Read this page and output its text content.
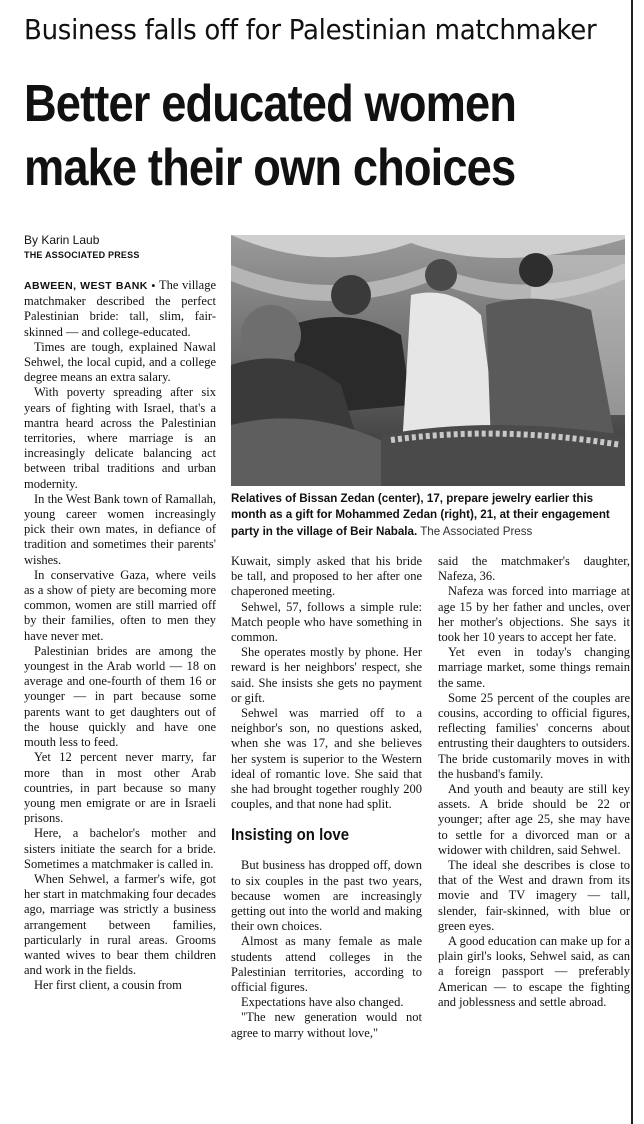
Business falls off for Palestinian matchmaker
Better educated women
make their own choices
By Karin Laub
THE ASSOCIATED PRESS

ABWEEN, WEST BANK • The village matchmaker described the perfect Palestinian bride: tall, slim, fair-skinned — and college-educated.

Times are tough, explained Nawal Sehwel, the local cupid, and a college degree means an extra salary.

With poverty spreading after six years of fighting with Israel, that's a mantra heard across the Palestinian territories, where marriage is an increasingly delicate balancing act between tribal traditions and urban modernity.

In the West Bank town of Ramallah, young career women increasingly pick their own mates, in defiance of tradition and sometimes their parents' wishes.

In conservative Gaza, where veils as a show of piety are becoming more common, women are still married off by their families, often to men they have never met.

Palestinian brides are among the youngest in the Arab world — 18 on average and one-fourth of them 16 or younger — in part because some parents want to get daughters out of the house quickly and have one mouth less to feed.

Yet 12 percent never marry, far more than in most other Arab countries, in part because so many young men emigrate or are in Israeli prisons.

Here, a bachelor's mother and sisters initiate the search for a bride. Sometimes a matchmaker is called in.

When Sehwel, a farmer's wife, got her start in matchmaking four decades ago, marriage was strictly a business arrangement between families, particularly in rural areas. Grooms wanted wives to bear them children and work in the fields.

Her first client, a cousin from

Relatives of Bissan Zedan (center), 17, prepare jewelry earlier this month as a gift for Mohammed Zedan (right), 21, at their engagement party in the village of Beir Nabala. The Associated Press

Kuwait, simply asked that his bride be tall, and proposed to her after one chaperoned meeting.

Sehwel, 57, follows a simple rule: Match people who have something in common.

She operates mostly by phone. Her reward is her neighbors' respect, she said. She insists she gets no payment or gift.

Sehwel was married off to a neighbor's son, no questions asked, when she was 17, and she believes her system is superior to the Western ideal of romantic love. She said that she had brought together roughly 200 couples, and that none had split.

Insisting on love

But business has dropped off, down to six couples in the past two years, because women are increasingly getting out into the world and making their own choices.

Almost as many female as male students attend colleges in the Palestinian territories, according to official figures.

Expectations have also changed.

"The new generation would not agree to marry without love,"

said the matchmaker's daughter, Nafeza, 36.

Nafeza was forced into marriage at age 15 by her father and uncles, over her mother's objections. She says it took her 10 years to accept her fate.

Yet even in today's changing marriage market, some things remain the same.

Some 25 percent of the couples are cousins, according to official figures, reflecting families' concerns about entrusting their daughters to outsiders. The bride customarily moves in with the husband's family.

And youth and beauty are still key assets. A bride should be 22 or younger; after age 25, she may have to settle for a divorced man or a widower with children, said Sehwel.

The ideal she describes is close to that of the West and drawn from its movie and TV imagery — tall, slender, fair-skinned, with blue or green eyes.

A good education can make up for a plain girl's looks, Sehwel said, as can a foreign passport — preferably American — to escape the fighting and joblessness and settle abroad.
